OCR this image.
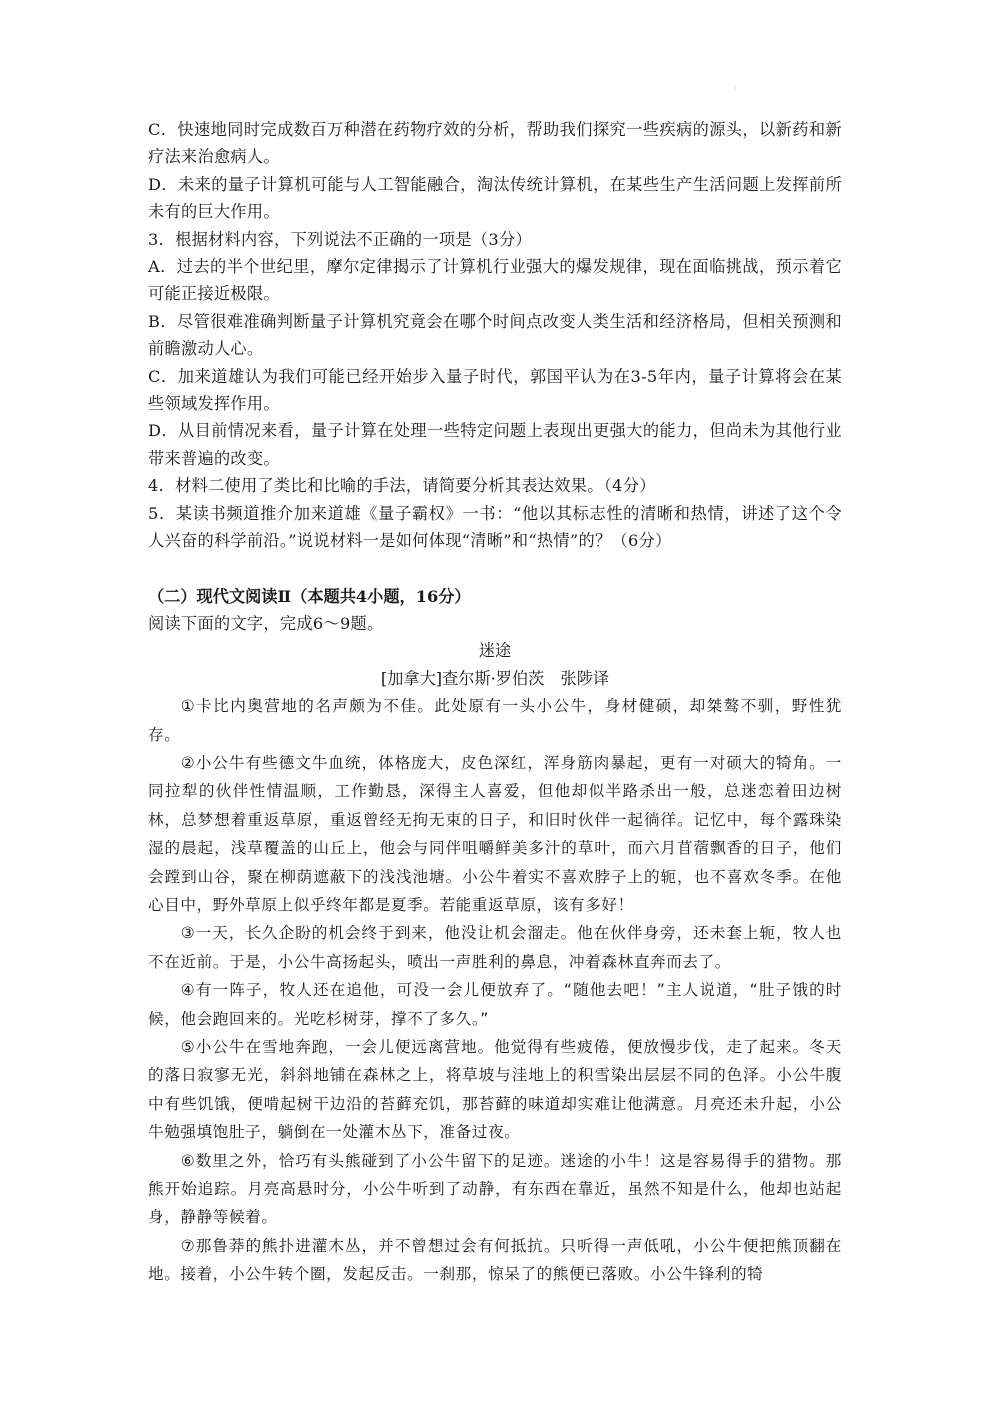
·

C．快速地同时完成数百万种潜在药物疗效的分析，帮助我们探究一些疾病的源头，以新药和新疗法来治愈病人。

D．未来的量子计算机可能与人工智能融合，淘汰传统计算机，在某些生产生活问题上发挥前所未有的巨大作用。

3．根据材料内容，下列说法不正确的一项是（3分）

A．过去的半个世纪里，摩尔定律揭示了计算机行业强大的爆发规律，现在面临挑战，预示着它可能正接近极限。

B．尽管很难准确判断量子计算机究竟会在哪个时间点改变人类生活和经济格局，但相关预测和前瞻激动人心。

C．加来道雄认为我们可能已经开始步入量子时代，郭国平认为在3-5年内，量子计算将会在某些领域发挥作用。

D．从目前情况来看，量子计算在处理一些特定问题上表现出更强大的能力，但尚未为其他行业带来普遍的改变。

4．材料二使用了类比和比喻的手法，请简要分析其表达效果。（4分）

5．某读书频道推介加来道雄《量子霸权》一书：“他以其标志性的清晰和热情，讲述了这个令人兴奋的科学前沿。”说说材料一是如何体现“清晰”和“热情”的？（6分）

（二）现代文阅读Ⅱ（本题共4小题，16分）

阅读下面的文字，完成6～9题。

迷途

[加拿大]查尔斯·罗伯茨　张陟译

①卡比内奥营地的名声颇为不佳。此处原有一头小公牛，身材健硕，却桀骜不驯，野性犹存。

②小公牛有些德文牛血统，体格庞大，皮色深红，浑身筋肉暴起，更有一对硕大的犄角。一同拉犁的伙伴性情温顺，工作勤恳，深得主人喜爱，但他却似半路杀出一般，总迷恋着田边树林，总梦想着重返草原，重返曾经无拘无束的日子，和旧时伙伴一起徜徉。记忆中，每个露珠染湿的晨起，浅草覆盖的山丘上，他会与同伴咀嚼鲜美多汁的草叶，而六月苜蓿飘香的日子，他们会蹚到山谷，聚在柳荫遮蔽下的浅浅池塘。小公牛着实不喜欢脖子上的轭，也不喜欢冬季。在他心目中，野外草原上似乎终年都是夏季。若能重返草原，该有多好！

③一天，长久企盼的机会终于到来，他没让机会溜走。他在伙伴身旁，还未套上轭，牧人也不在近前。于是，小公牛高扬起头，喷出一声胜利的鼻息，冲着森林直奔而去了。

④有一阵子，牧人还在追他，可没一会儿便放弃了。“随他去吧！”主人说道，“肚子饿的时候，他会跑回来的。光吃杉树芽，撑不了多久。”

⑤小公牛在雪地奔跑，一会儿便远离营地。他觉得有些疲倦，便放慢步伐，走了起来。冬天的落日寂寥无光，斜斜地铺在森林之上，将草坡与洼地上的积雪染出层层不同的色泽。小公牛腹中有些饥饿，便啃起树干边沿的苔藓充饥，那苔藓的味道却实难让他满意。月亮还未升起，小公牛勉强填饱肚子，躺倒在一处灌木丛下，准备过夜。

⑥数里之外，恰巧有头熊碰到了小公牛留下的足迹。迷途的小牛！这是容易得手的猎物。那熊开始追踪。月亮高悬时分，小公牛听到了动静，有东西在靠近，虽然不知是什么，他却也站起身，静静等候着。

⑦那鲁莽的熊扑进灌木丛，并不曾想过会有何抵抗。只听得一声低吼，小公牛便把熊顶翻在地。接着，小公牛转个圈，发起反击。一刹那，惊呆了的熊便已落败。小公牛锋利的犄
